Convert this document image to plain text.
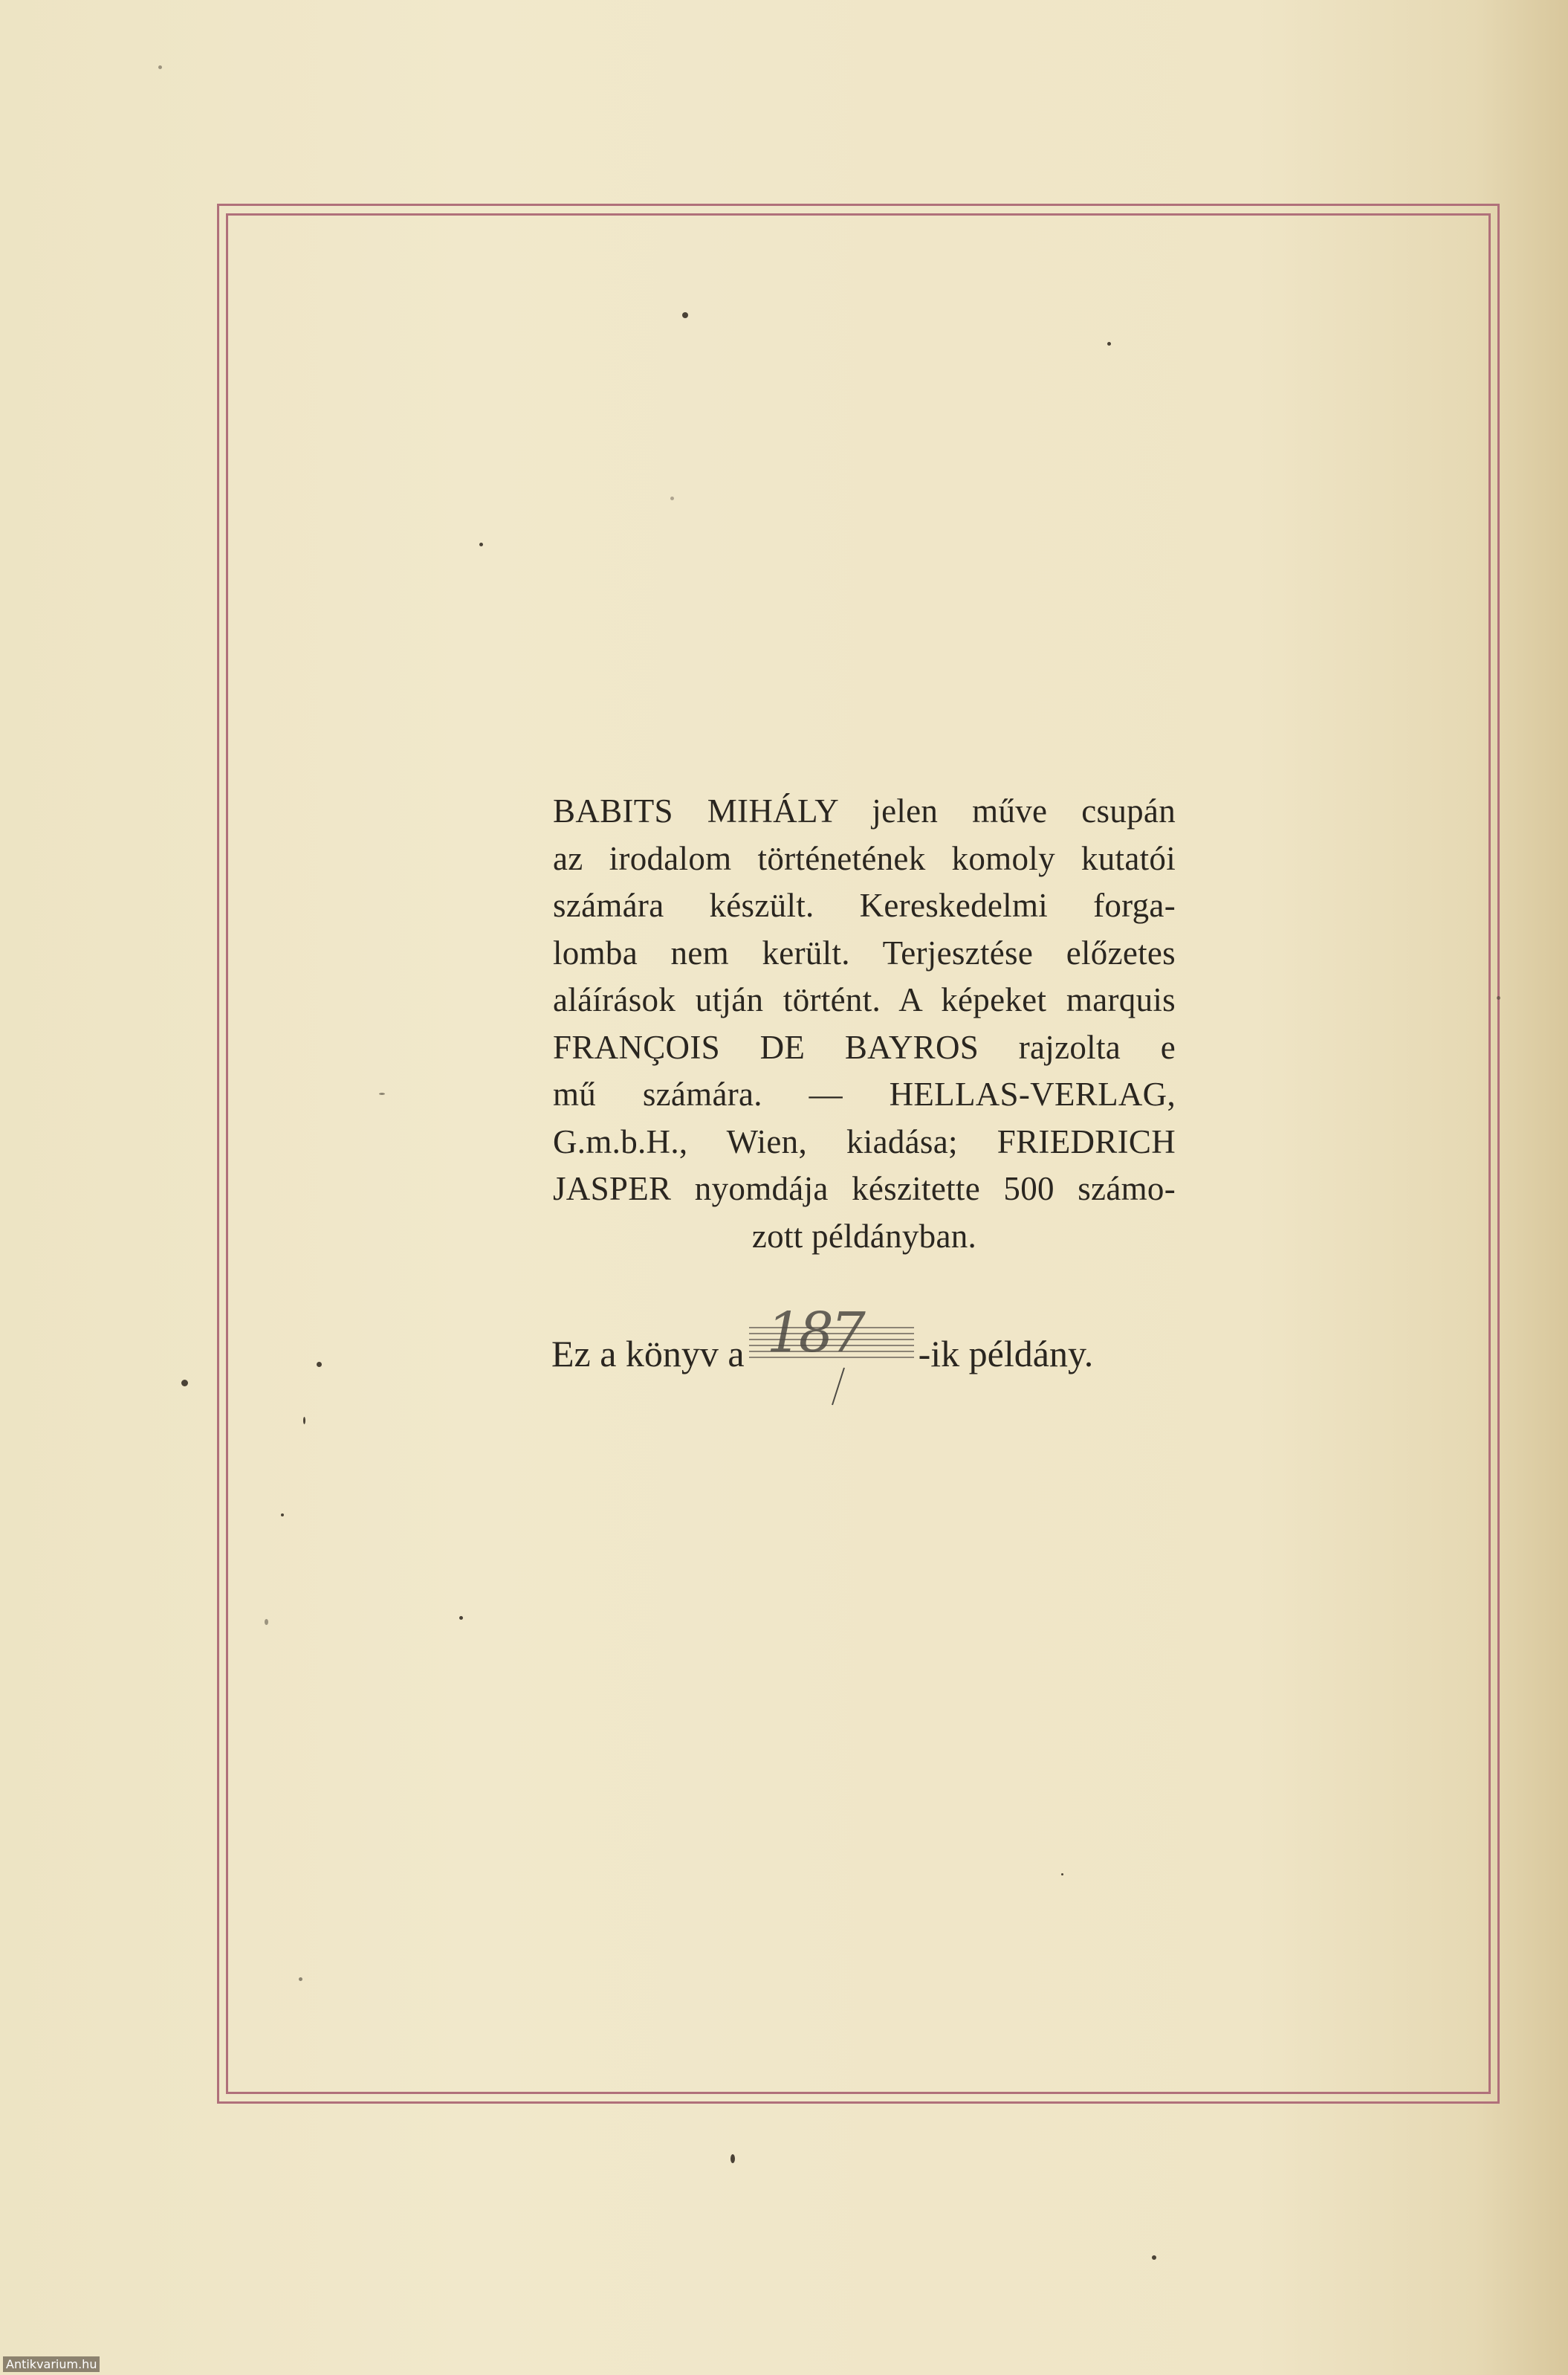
BABITS MIHÁLY jelen műve csupán
az irodalom történetének komoly kutatói
számára készült. Kereskedelmi forga-
lomba nem került. Terjesztése előzetes
aláírások utján történt. A képeket marquis
FRANÇOIS DE BAYROS rajzolta e
mű számára. — HELLAS-VERLAG,
G.m.b.H., Wien, kiadása; FRIEDRICH
JASPER nyomdája készitette 500 számo-
zott példányban.
Ez a könyv a 187 -ik példány.
Antikvarium.hu
